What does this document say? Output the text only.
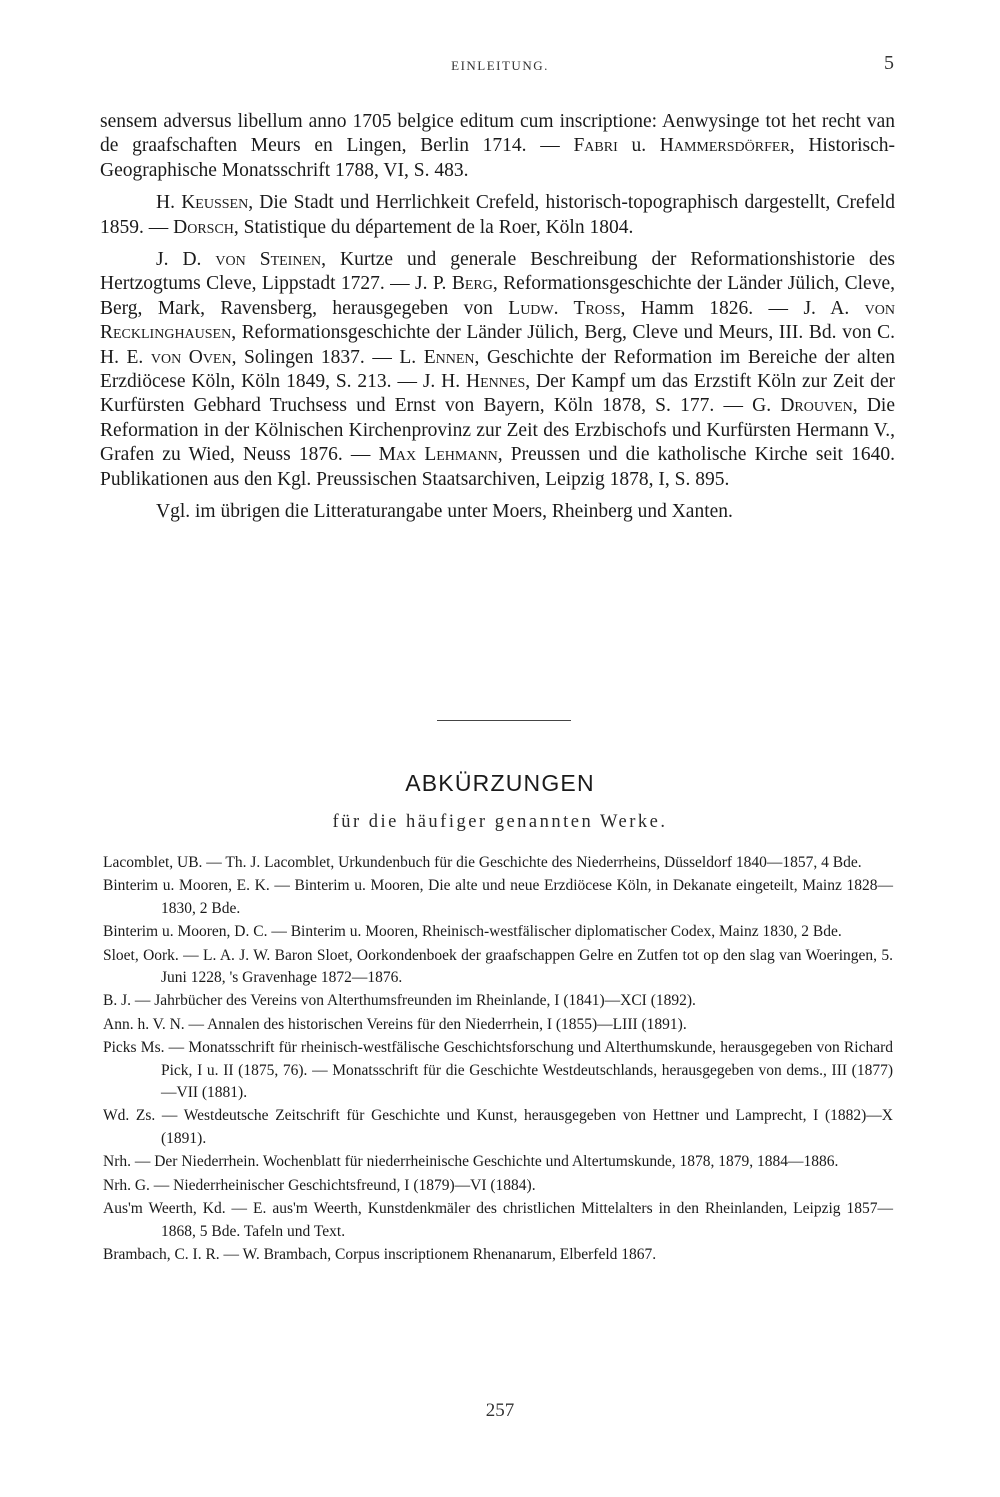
EINLEITUNG.	5

sensem adversus libellum anno 1705 belgice editum cum inscriptione: Aenwysinge tot het recht van de graafschaften Meurs en Lingen, Berlin 1714. — Fabri u. Hammersdörfer, Historisch-Geographische Monatsschrift 1788, VI, S. 483.

H. Keussen, Die Stadt und Herrlichkeit Crefeld, historisch-topographisch dargestellt, Crefeld 1859. — Dorsch, Statistique du département de la Roer, Köln 1804.

J. D. von Steinen, Kurtze und generale Beschreibung der Reformationshistorie des Hertzogtums Cleve, Lippstadt 1727. — J. P. Berg, Reformationsgeschichte der Länder Jülich, Cleve, Berg, Mark, Ravensberg, herausgegeben von Ludw. Tross, Hamm 1826. — J. A. von Recklinghausen, Reformationsgeschichte der Länder Jülich, Berg, Cleve und Meurs, III. Bd. von C. H. E. von Oven, Solingen 1837. — L. Ennen, Geschichte der Reformation im Bereiche der alten Erzdiöcese Köln, Köln 1849, S. 213. — J. H. Hennes, Der Kampf um das Erzstift Köln zur Zeit der Kurfürsten Gebhard Truchsess und Ernst von Bayern, Köln 1878, S. 177. — G. Drouven, Die Reformation in der Kölnischen Kirchenprovinz zur Zeit des Erzbischofs und Kurfürsten Hermann V., Grafen zu Wied, Neuss 1876. — Max Lehmann, Preussen und die katholische Kirche seit 1640. Publikationen aus den Kgl. Preussischen Staatsarchiven, Leipzig 1878, I, S. 895.

Vgl. im übrigen die Litteraturangabe unter Moers, Rheinberg und Xanten.

ABKÜRZUNGEN
für die häufiger genannten Werke.
Lacomblet, UB. — Th. J. Lacomblet, Urkundenbuch für die Geschichte des Niederrheins, Düsseldorf 1840—1857, 4 Bde.
Binterim u. Mooren, E. K. — Binterim u. Mooren, Die alte und neue Erzdiöcese Köln, in Dekanate eingeteilt, Mainz 1828—1830, 2 Bde.
Binterim u. Mooren, D. C. — Binterim u. Mooren, Rheinisch-westfälischer diplomatischer Codex, Mainz 1830, 2 Bde.
Sloet, Oork. — L. A. J. W. Baron Sloet, Oorkondenboek der graafschappen Gelre en Zutfen tot op den slag van Woeringen, 5. Juni 1228, 's Gravenhage 1872—1876.
B. J. — Jahrbücher des Vereins von Alterthumsfreunden im Rheinlande, I (1841)—XCI (1892).
Ann. h. V. N. — Annalen des historischen Vereins für den Niederrhein, I (1855)—LIII (1891).
Picks Ms. — Monatsschrift für rheinisch-westfälische Geschichtsforschung und Alterthumskunde, herausgegeben von Richard Pick, I u. II (1875, 76). — Monatsschrift für die Geschichte Westdeutschlands, herausgegeben von dems., III (1877)—VII (1881).
Wd. Zs. — Westdeutsche Zeitschrift für Geschichte und Kunst, herausgegeben von Hettner und Lamprecht, I (1882)—X (1891).
Nrh. — Der Niederrhein. Wochenblatt für niederrheinische Geschichte und Altertumskunde, 1878, 1879, 1884—1886.
Nrh. G. — Niederrheinischer Geschichtsfreund, I (1879)—VI (1884).
Aus'm Weerth, Kd. — E. aus'm Weerth, Kunstdenkmäler des christlichen Mittelalters in den Rheinlanden, Leipzig 1857—1868, 5 Bde. Tafeln und Text.
Brambach, C. I. R. — W. Brambach, Corpus inscriptionem Rhenanarum, Elberfeld 1867.
257
